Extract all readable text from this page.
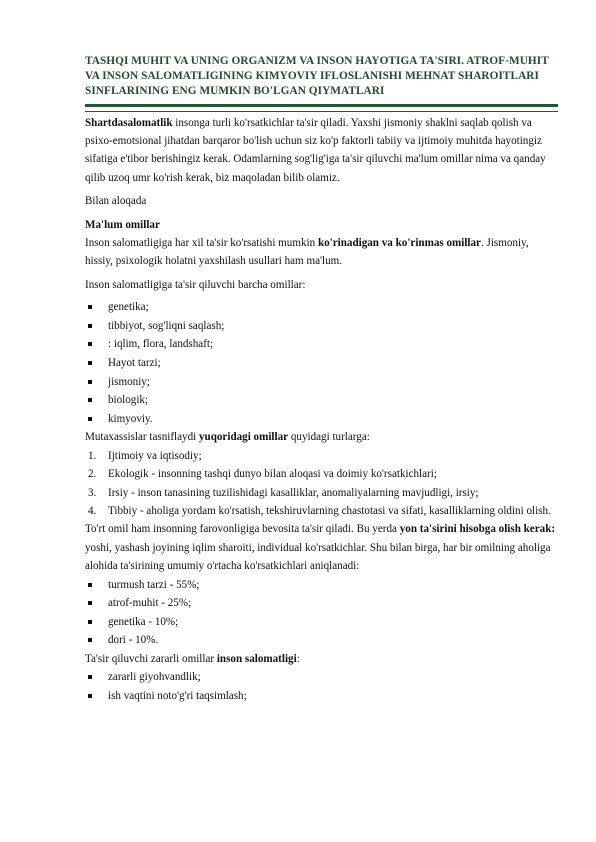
TASHQI MUHIT VA UNING ORGANIZM VA INSON HAYOTIGA TA'SIRI. ATROF-MUHIT VA INSON SALOMATLIGINING KIMYOVIY IFLOSLANISHI MEHNAT SHAROITLARI SINFLARINING ENG MUMKIN BO'LGAN QIYMATLARI

Shartdasalomatlik insonga turli ko'rsatkichlar ta'sir qiladi. Yaxshi jismoniy shaklni saqlab qolish va psixo-emotsional jihatdan barqaror bo'lish uchun siz ko'p faktorli tabiiy va ijtimoiy muhitda hayotingiz sifatiga e'tibor berishingiz kerak. Odamlarning sog'lig'iga ta'sir qiluvchi ma'lum omillar nima va qanday qilib uzoq umr ko'rish kerak, biz maqoladan bilib olamiz.

Bilan aloqada

Ma'lum omillar

Inson salomatligiga har xil ta'sir ko'rsatishi mumkin ko'rinadigan va ko'rinmas omillar. Jismoniy, hissiy, psixologik holatni yaxshilash usullari ham ma'lum.

Inson salomatligiga ta'sir qiluvchi barcha omillar:

genetika;
tibbiyot, sog'liqni saqlash;
: iqlim, flora, landshaft;
Hayot tarzi;
jismoniy;
biologik;
kimyoviy.

Mutaxassislar tasniflaydi yuqoridagi omillar quyidagi turlarga:

1. Ijtimoiy va iqtisodiy;
2. Ekologik - insonning tashqi dunyo bilan aloqasi va doimiy ko'rsatkichlari;
3. Irsiy - inson tanasining tuzilishidagi kasalliklar, anomaliyalarning mavjudligi, irsiy;
4. Tibbiy - aholiga yordam ko'rsatish, tekshiruvlarning chastotasi va sifati, kasalliklarning oldini olish.

To'rt omil ham insonning farovonligiga bevosita ta'sir qiladi. Bu yerda yon ta'sirini hisobga olish kerak: yoshi, yashash joyining iqlim sharoiti, individual ko'rsatkichlar. Shu bilan birga, har bir omilning aholiga alohida ta'sirining umumiy o'rtacha ko'rsatkichlari aniqlanadi:

turmush tarzi - 55%;
atrof-muhit - 25%;
genetika - 10%;
dori - 10%.

Ta'sir qiluvchi zararli omillar inson salomatligi:

zararli giyohvandlik;
ish vaqtini noto'g'ri taqsimlash;
